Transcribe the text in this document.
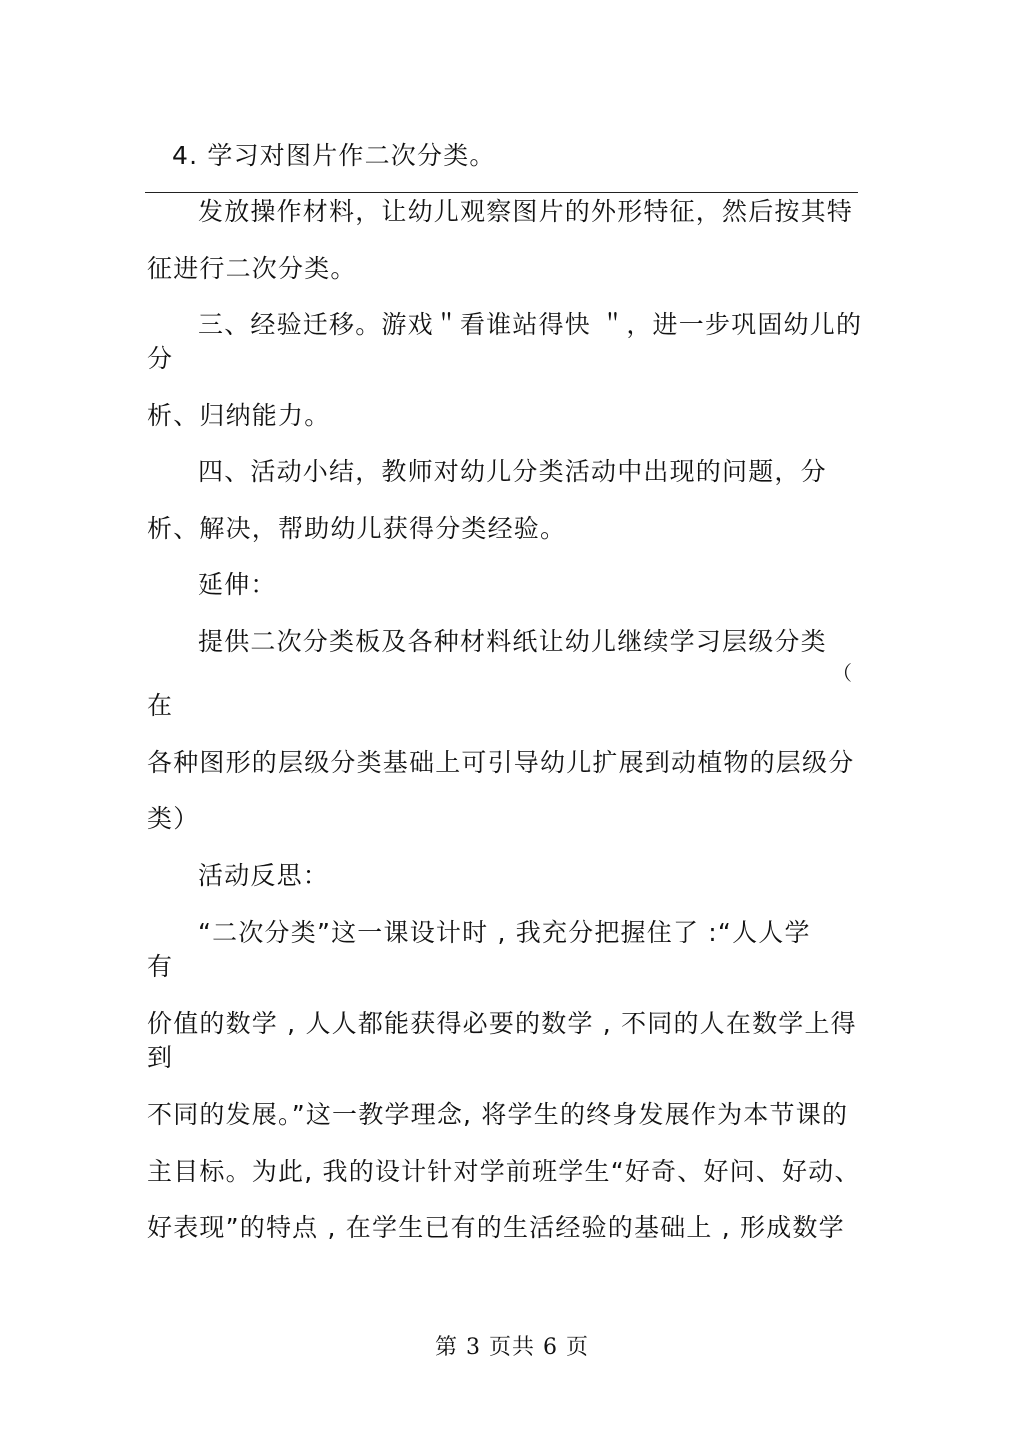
4. 学习对图片作二次分类。
发放操作材料，让幼儿观察图片的外形特征，然后按其特
征进行二次分类。
三、经验迁移。游戏＂看谁站得快 ＂，进一步巩固幼儿的
分
析、归纳能力。
四、活动小结，教师对幼儿分类活动中出现的问题，分
析、解决，帮助幼儿获得分类经验。
延伸：
提供二次分类板及各种材料纸让幼儿继续学习层级分类
（
在
各种图形的层级分类基础上可引导幼儿扩展到动植物的层级分
类）
活动反思：
“二次分类”这一课设计时 , 我充分把握住了 :“人人学
有
价值的数学 , 人人都能获得必要的数学 , 不同的人在数学上得
到
不同的发展。”这一教学理念, 将学生的终身发展作为本节课的
主目标。为此, 我的设计针对学前班学生“好奇、好问、好动、
好表现”的特点 , 在学生已有的生活经验的基础上 , 形成数学
第 3 页共 6 页
